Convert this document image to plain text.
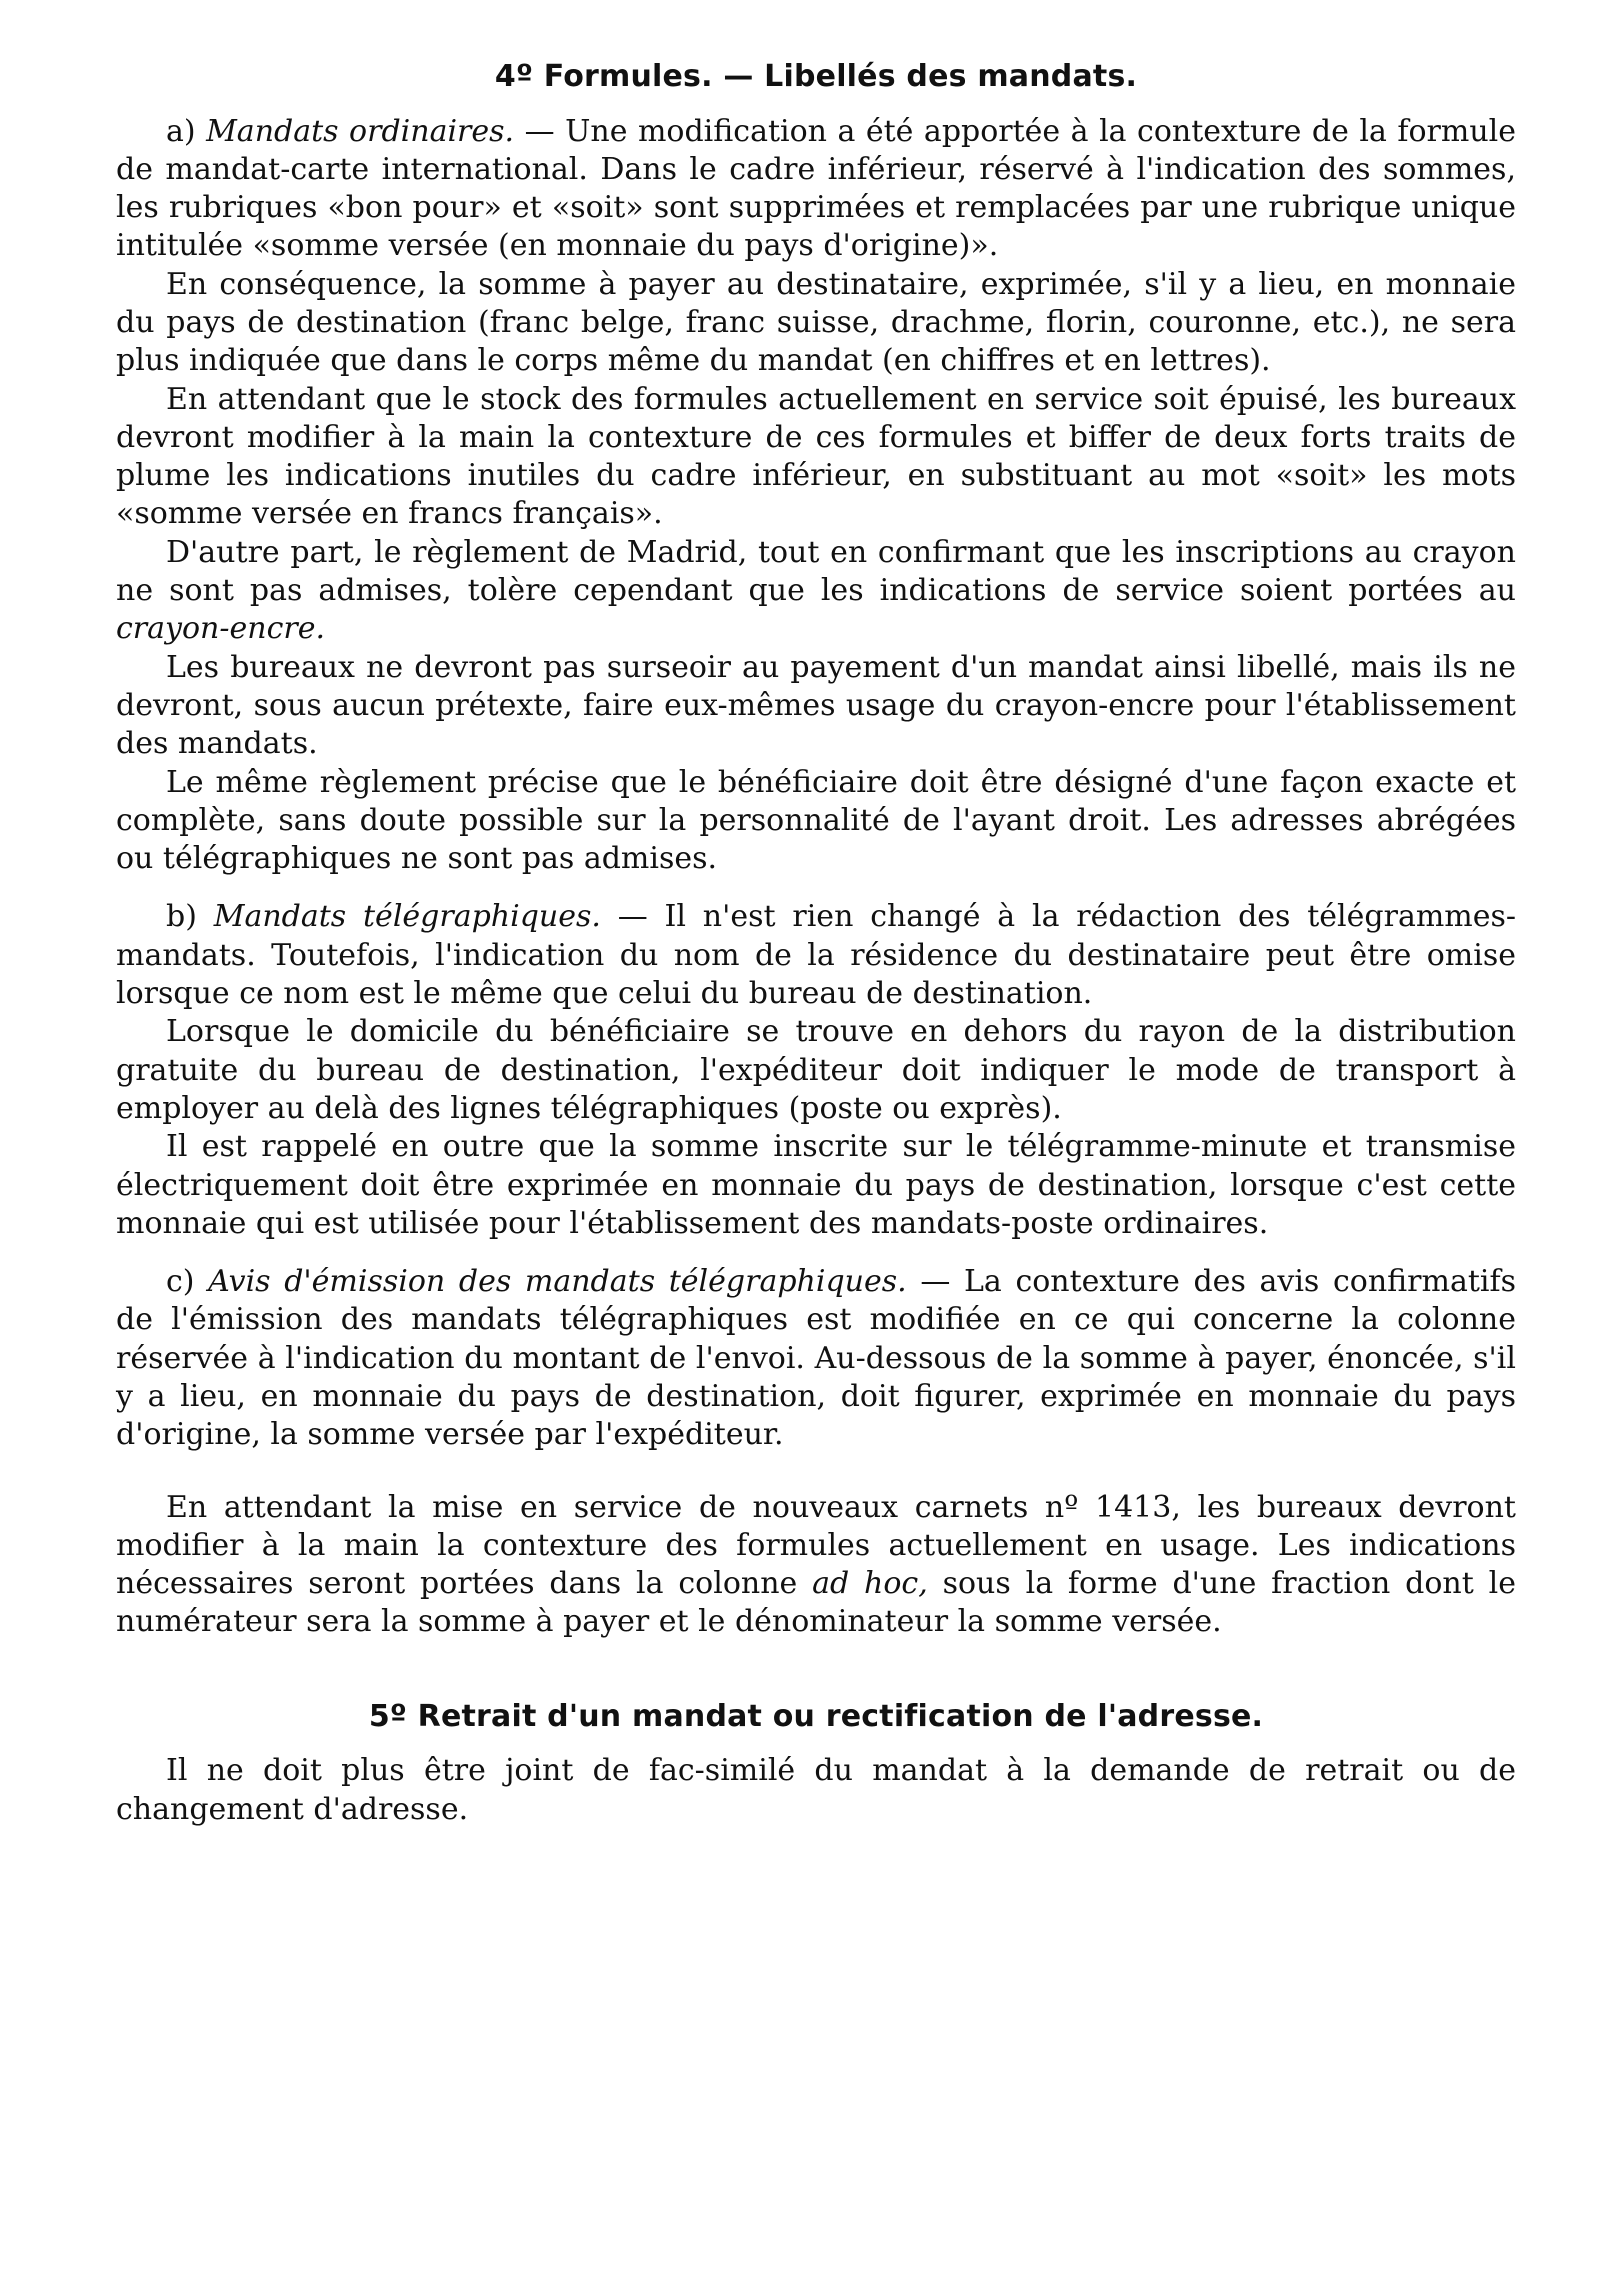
4º Formules. — Libellés des mandats.

a) Mandats ordinaires. — Une modification a été apportée à la contexture de la formule de mandat-carte international. Dans le cadre inférieur, réservé à l'indication des sommes, les rubriques «bon pour» et «soit» sont supprimées et remplacées par une rubrique unique intitulée «somme versée (en monnaie du pays d'origine)».

En conséquence, la somme à payer au destinataire, exprimée, s'il y a lieu, en monnaie du pays de destination (franc belge, franc suisse, drachme, florin, couronne, etc.), ne sera plus indiquée que dans le corps même du mandat (en chiffres et en lettres).

En attendant que le stock des formules actuellement en service soit épuisé, les bureaux devront modifier à la main la contexture de ces formules et biffer de deux forts traits de plume les indications inutiles du cadre inférieur, en substituant au mot «soit» les mots «somme versée en francs français».

D'autre part, le règlement de Madrid, tout en confirmant que les inscriptions au crayon ne sont pas admises, tolère cependant que les indications de service soient portées au crayon-encre.

Les bureaux ne devront pas surseoir au payement d'un mandat ainsi libellé, mais ils ne devront, sous aucun prétexte, faire eux-mêmes usage du crayon-encre pour l'établissement des mandats.

Le même règlement précise que le bénéficiaire doit être désigné d'une façon exacte et complète, sans doute possible sur la personnalité de l'ayant droit. Les adresses abrégées ou télégraphiques ne sont pas admises.

b) Mandats télégraphiques. — Il n'est rien changé à la rédaction des télégrammes-mandats. Toutefois, l'indication du nom de la résidence du destinataire peut être omise lorsque ce nom est le même que celui du bureau de destination.

Lorsque le domicile du bénéficiaire se trouve en dehors du rayon de la distribution gratuite du bureau de destination, l'expéditeur doit indiquer le mode de transport à employer au delà des lignes télégraphiques (poste ou exprès).

Il est rappelé en outre que la somme inscrite sur le télégramme-minute et transmise électriquement doit être exprimée en monnaie du pays de destination, lorsque c'est cette monnaie qui est utilisée pour l'établissement des mandats-poste ordinaires.

c) Avis d'émission des mandats télégraphiques. — La contexture des avis confirmatifs de l'émission des mandats télégraphiques est modifiée en ce qui concerne la colonne réservée à l'indication du montant de l'envoi. Au-dessous de la somme à payer, énoncée, s'il y a lieu, en monnaie du pays de destination, doit figurer, exprimée en monnaie du pays d'origine, la somme versée par l'expéditeur.

En attendant la mise en service de nouveaux carnets nº 1413, les bureaux devront modifier à la main la contexture des formules actuellement en usage. Les indications nécessaires seront portées dans la colonne ad hoc, sous la forme d'une fraction dont le numérateur sera la somme à payer et le dénominateur la somme versée.

5º Retrait d'un mandat ou rectification de l'adresse.

Il ne doit plus être joint de fac-similé du mandat à la demande de retrait ou de changement d'adresse.
